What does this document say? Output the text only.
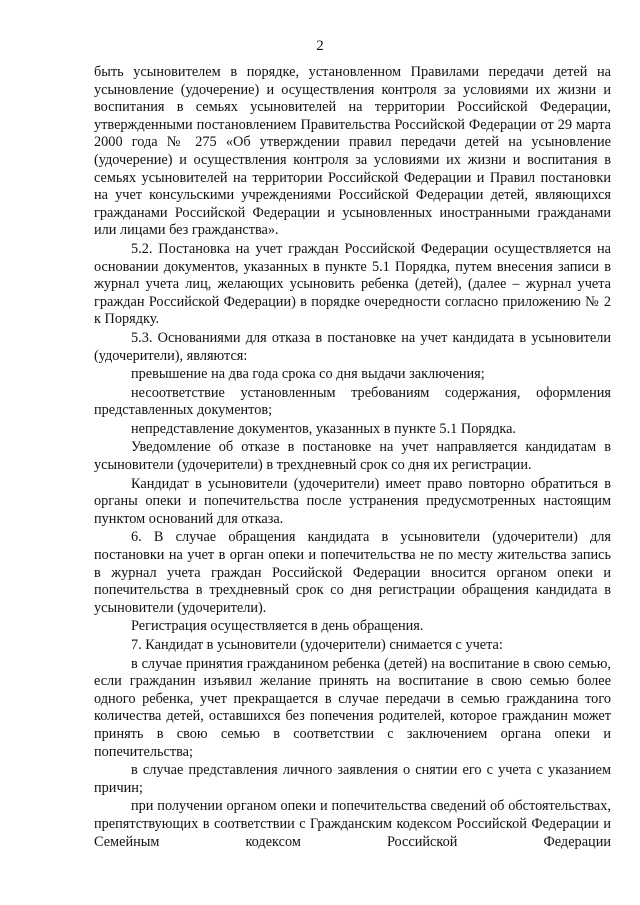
2

быть усыновителем в порядке, установленном Правилами передачи детей на усыновление (удочерение) и осуществления контроля за условиями их жизни и воспитания в семьях усыновителей на территории Российской Федерации, утвержденными постановлением Правительства Российской Федерации от 29 марта 2000 года № 275 «Об утверждении правил передачи детей на усыновление (удочерение) и осуществления контроля за условиями их жизни и воспитания в семьях усыновителей на территории Российской Федерации и Правил постановки на учет консульскими учреждениями Российской Федерации детей, являющихся гражданами Российской Федерации и усыновленных иностранными гражданами или лицами без гражданства».

5.2. Постановка на учет граждан Российской Федерации осуществляется на основании документов, указанных в пункте 5.1 Порядка, путем внесения записи в журнал учета лиц, желающих усыновить ребенка (детей), (далее – журнал учета граждан Российской Федерации) в порядке очередности согласно приложению № 2 к Порядку.

5.3. Основаниями для отказа в постановке на учет кандидата в усыновители (удочерители), являются:

превышение на два года срока со дня выдачи заключения;

несоответствие установленным требованиям содержания, оформления представленных документов;

непредставление документов, указанных в пункте 5.1 Порядка.

Уведомление об отказе в постановке на учет направляется кандидатам в усыновители (удочерители) в трехдневный срок со дня их регистрации.

Кандидат в усыновители (удочерители) имеет право повторно обратиться в органы опеки и попечительства после устранения предусмотренных настоящим пунктом оснований для отказа.

6. В случае обращения кандидата в усыновители (удочерители) для постановки на учет в орган опеки и попечительства не по месту жительства запись в журнал учета граждан Российской Федерации вносится органом опеки и попечительства в трехдневный срок со дня регистрации обращения кандидата в усыновители (удочерители).

Регистрация осуществляется в день обращения.

7. Кандидат в усыновители (удочерители) снимается с учета:

в случае принятия гражданином ребенка (детей) на воспитание в свою семью, если гражданин изъявил желание принять на воспитание в свою семью более одного ребенка, учет прекращается в случае передачи в семью гражданина того количества детей, оставшихся без попечения родителей, которое гражданин может принять в свою семью в соответствии с заключением органа опеки и попечительства;

в случае представления личного заявления о снятии его с учета с указанием причин;

при получении органом опеки и попечительства сведений об обстоятельствах, препятствующих в соответствии с Гражданским кодексом Российской Федерации и Семейным кодексом Российской Федерации
